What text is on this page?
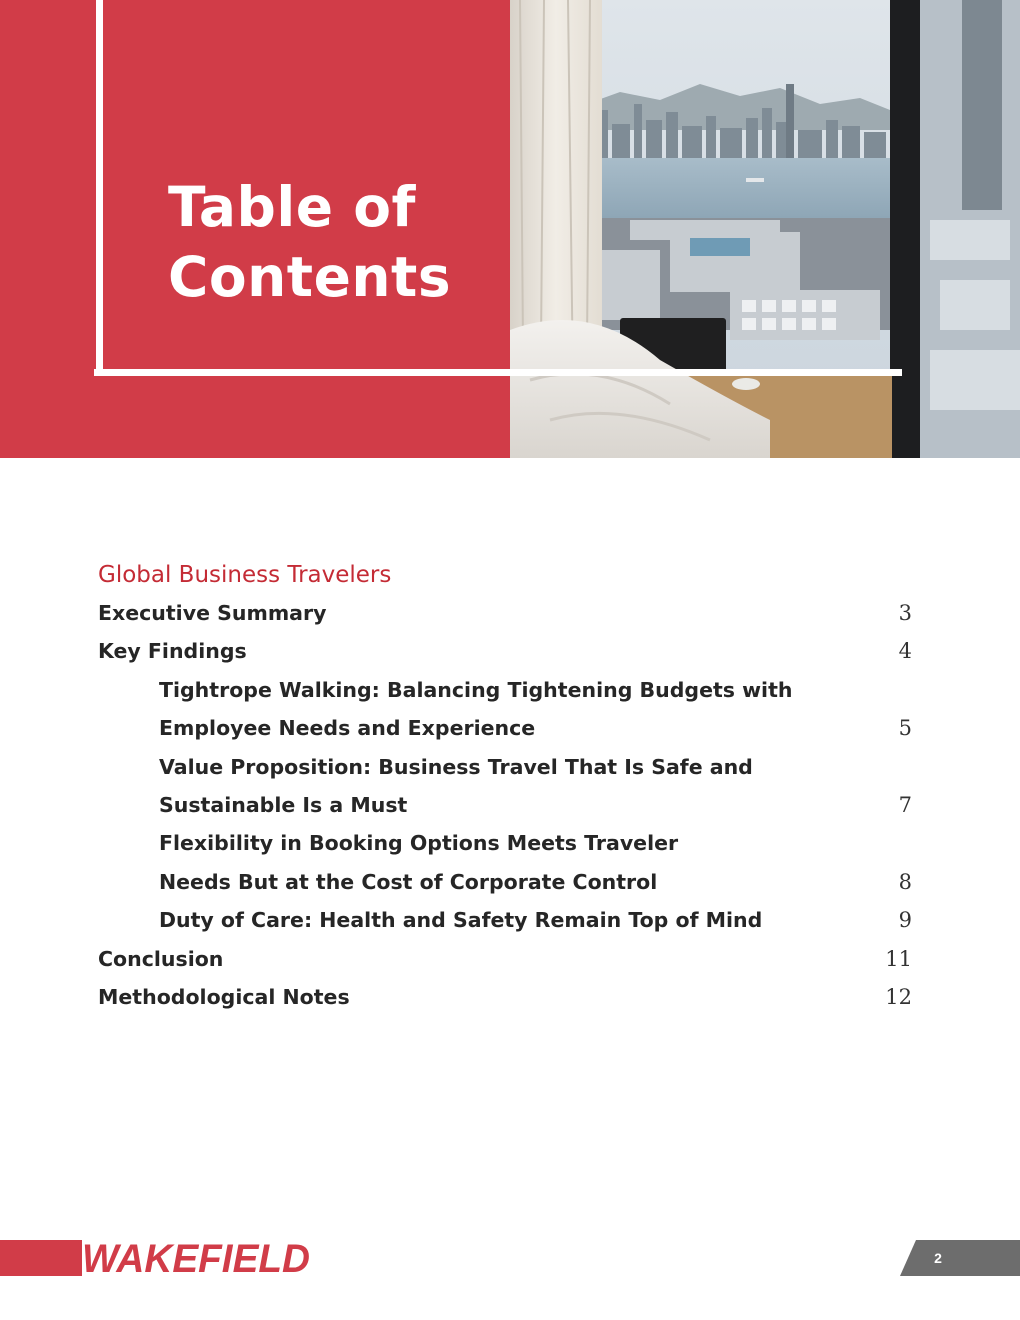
Table of
Contents
Global Business Travelers
Executive Summary	3
Key Findings	4
Tightrope Walking: Balancing Tightening Budgets with
Employee Needs and Experience	5
Value Proposition: Business Travel That Is Safe and
Sustainable Is a Must	7
Flexibility in Booking Options Meets Traveler
Needs But at the Cost of Corporate Control	8
Duty of Care: Health and Safety Remain Top of Mind	9
Conclusion	11
Methodological Notes	12
WAKEFIELD	2
